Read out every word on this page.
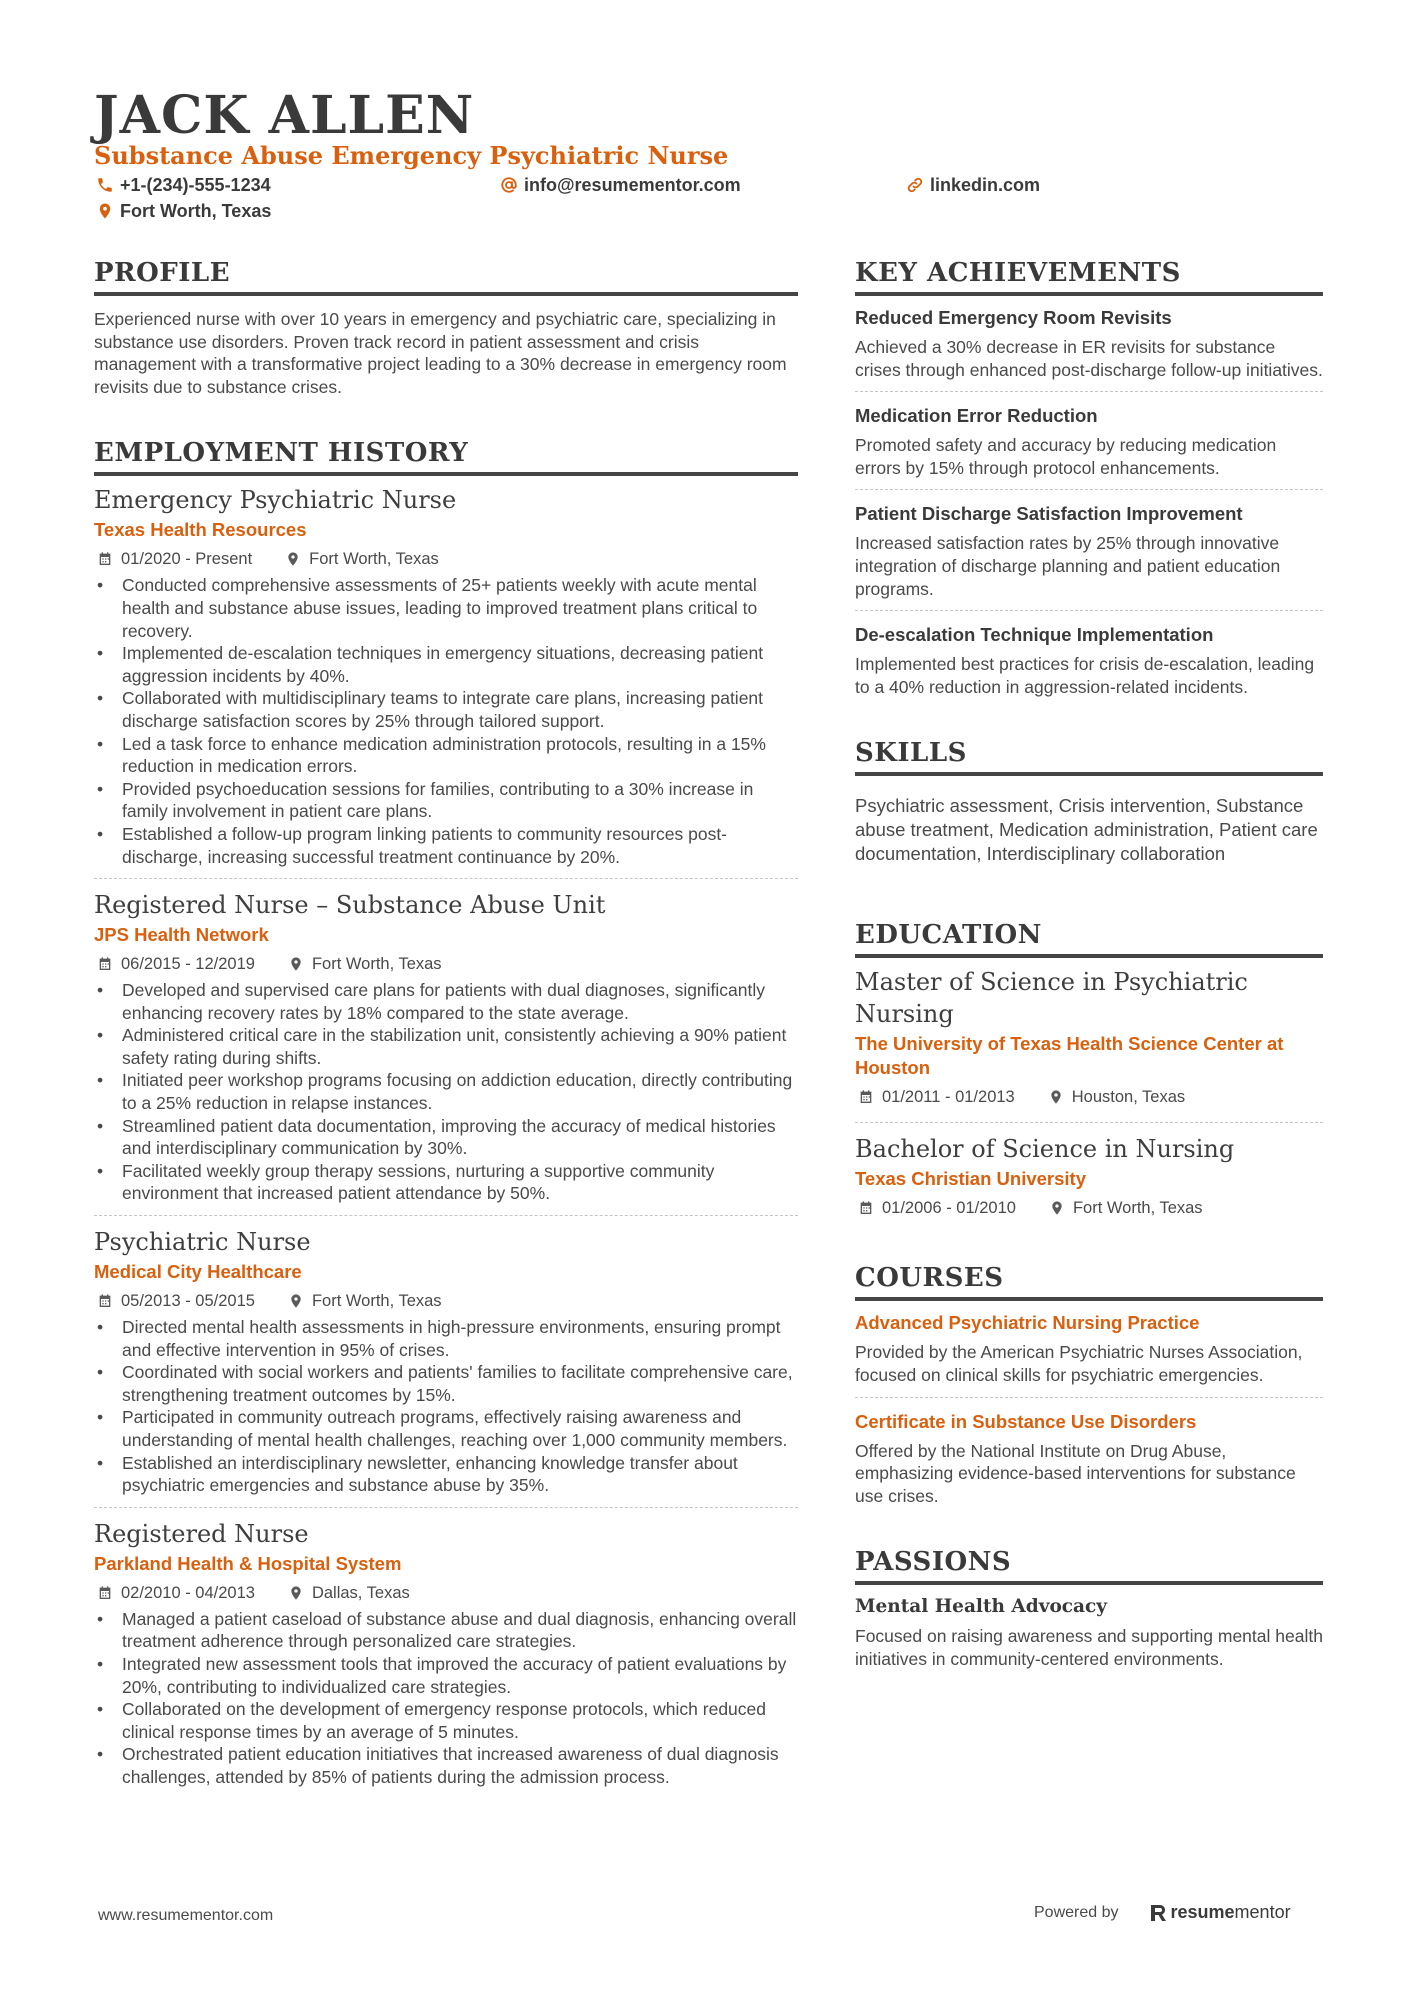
JACK ALLEN
Substance Abuse Emergency Psychiatric Nurse
+1-(234)-555-1234	info@resumementor.com	linkedin.com
Fort Worth, Texas
PROFILE

Experienced nurse with over 10 years in emergency and psychiatric care, specializing in substance use disorders. Proven track record in patient assessment and crisis management with a transformative project leading to a 30% decrease in emergency room revisits due to substance crises.

EMPLOYMENT HISTORY
Emergency Psychiatric Nurse
Texas Health Resources
01/2020 - Present	Fort Worth, Texas
• Conducted comprehensive assessments of 25+ patients weekly with acute mental health and substance abuse issues, leading to improved treatment plans critical to recovery.
• Implemented de-escalation techniques in emergency situations, decreasing patient aggression incidents by 40%.
• Collaborated with multidisciplinary teams to integrate care plans, increasing patient discharge satisfaction scores by 25% through tailored support.
• Led a task force to enhance medication administration protocols, resulting in a 15% reduction in medication errors.
• Provided psychoeducation sessions for families, contributing to a 30% increase in family involvement in patient care plans.
• Established a follow-up program linking patients to community resources post-discharge, increasing successful treatment continuance by 20%.
Registered Nurse – Substance Abuse Unit
JPS Health Network
06/2015 - 12/2019	Fort Worth, Texas
• Developed and supervised care plans for patients with dual diagnoses, significantly enhancing recovery rates by 18% compared to the state average.
• Administered critical care in the stabilization unit, consistently achieving a 90% patient safety rating during shifts.
• Initiated peer workshop programs focusing on addiction education, directly contributing to a 25% reduction in relapse instances.
• Streamlined patient data documentation, improving the accuracy of medical histories and interdisciplinary communication by 30%.
• Facilitated weekly group therapy sessions, nurturing a supportive community environment that increased patient attendance by 50%.
Psychiatric Nurse
Medical City Healthcare
05/2013 - 05/2015	Fort Worth, Texas
• Directed mental health assessments in high-pressure environments, ensuring prompt and effective intervention in 95% of crises.
• Coordinated with social workers and patients' families to facilitate comprehensive care, strengthening treatment outcomes by 15%.
• Participated in community outreach programs, effectively raising awareness and understanding of mental health challenges, reaching over 1,000 community members.
• Established an interdisciplinary newsletter, enhancing knowledge transfer about psychiatric emergencies and substance abuse by 35%.
Registered Nurse
Parkland Health & Hospital System
02/2010 - 04/2013	Dallas, Texas
• Managed a patient caseload of substance abuse and dual diagnosis, enhancing overall treatment adherence through personalized care strategies.
• Integrated new assessment tools that improved the accuracy of patient evaluations by 20%, contributing to individualized care strategies.
• Collaborated on the development of emergency response protocols, which reduced clinical response times by an average of 5 minutes.
• Orchestrated patient education initiatives that increased awareness of dual diagnosis challenges, attended by 85% of patients during the admission process.
KEY ACHIEVEMENTS
Reduced Emergency Room Revisits

Achieved a 30% decrease in ER revisits for substance crises through enhanced post-discharge follow-up initiatives.

Medication Error Reduction

Promoted safety and accuracy by reducing medication errors by 15% through protocol enhancements.

Patient Discharge Satisfaction Improvement

Increased satisfaction rates by 25% through innovative integration of discharge planning and patient education programs.

De-escalation Technique Implementation

Implemented best practices for crisis de-escalation, leading to a 40% reduction in aggression-related incidents.

SKILLS

Psychiatric assessment, Crisis intervention, Substance abuse treatment, Medication administration, Patient care documentation, Interdisciplinary collaboration

EDUCATION
Master of Science in Psychiatric Nursing
The University of Texas Health Science Center at Houston
01/2011 - 01/2013	Houston, Texas
Bachelor of Science in Nursing
Texas Christian University
01/2006 - 01/2010	Fort Worth, Texas
COURSES
Advanced Psychiatric Nursing Practice

Provided by the American Psychiatric Nurses Association, focused on clinical skills for psychiatric emergencies.

Certificate in Substance Use Disorders

Offered by the National Institute on Drug Abuse, emphasizing evidence-based interventions for substance use crises.

PASSIONS
Mental Health Advocacy

Focused on raising awareness and supporting mental health initiatives in community-centered environments.

www.resumementor.com	Powered by	resume mentor
